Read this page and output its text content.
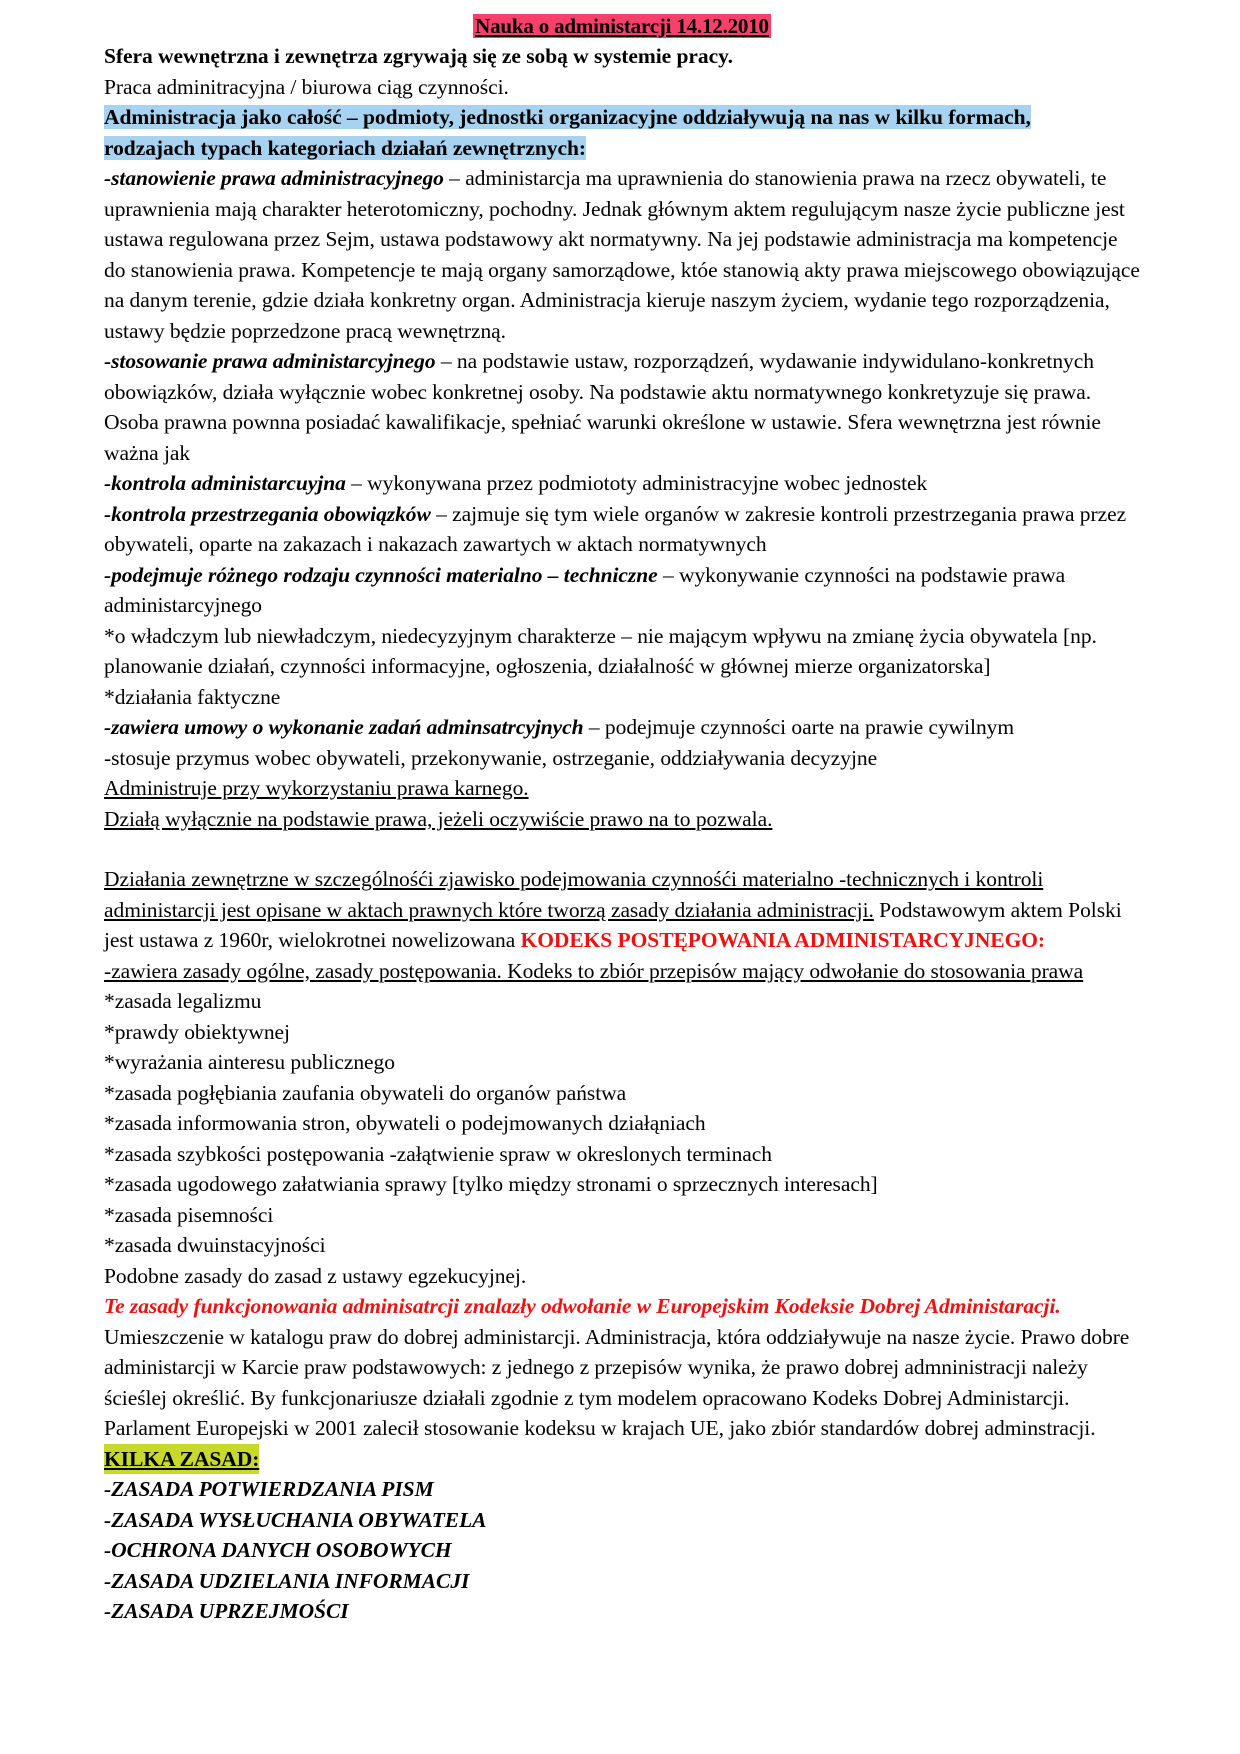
Nauka o administarcji 14.12.2010

Sfera wewnętrzna i zewnętrza zgrywają się ze sobą w systemie pracy.

Praca adminitracyjna / biurowa ciąg czynności.

Administracja jako całość – podmioty, jednostki organizacyjne oddziaływują na nas w kilku formach,

rodzajach typach kategoriach działań zewnętrznych:

-stanowienie prawa administracyjnego – administarcja ma uprawnienia do stanowienia prawa na rzecz obywateli, te uprawnienia mają charakter heterotomiczny, pochodny. Jednak głównym aktem regulującym nasze życie publiczne jest ustawa regulowana przez Sejm, ustawa podstawowy akt normatywny. Na jej podstawie administracja ma kompetencje do stanowienia prawa. Kompetencje te mają organy samorządowe, któe stanowią akty prawa miejscowego obowiązujące na danym terenie, gdzie działa konkretny organ. Administracja kieruje naszym życiem, wydanie tego rozporządzenia, ustawy będzie poprzedzone pracą wewnętrzną.

-stosowanie prawa administarcyjnego – na podstawie ustaw, rozporządzeń, wydawanie indywidulano-konkretnych obowiązków, działa wyłącznie wobec konkretnej osoby. Na podstawie aktu normatywnego konkretyzuje się prawa. Osoba prawna pownna posiadać kawalifikacje, spełniać warunki określone w ustawie. Sfera wewnętrzna jest równie ważna jak

-kontrola administarcuyjna – wykonywana przez podmiototy administracyjne wobec jednostek

-kontrola przestrzegania obowiązków – zajmuje się tym wiele organów w zakresie kontroli przestrzegania prawa przez obywateli, oparte na zakazach i nakazach zawartych w aktach normatywnych

-podejmuje różnego rodzaju czynności materialno – techniczne – wykonywanie czynności na podstawie prawa administarcyjnego

*o władczym lub niewładczym, niedecyzyjnym charakterze – nie mającym wpływu na zmianę życia obywatela [np. planowanie działań, czynności informacyjne, ogłoszenia, działalność w głównej mierze organizatorska]

*działania faktyczne

-zawiera umowy o wykonanie zadań adminsatrcyjnych – podejmuje czynności oarte na prawie cywilnym

-stosuje przymus wobec obywateli, przekonywanie, ostrzeganie, oddziaływania decyzyjne

Administruje przy wykorzystaniu prawa karnego.

Działą wyłącznie na podstawie prawa, jeżeli oczywiście prawo na to pozwala.

Działania zewnętrzne w szczególnośći zjawisko podejmowania czynnośći materialno -technicznych i kontroli administarcji jest opisane w aktach prawnych które tworzą zasady działania administracji. Podstawowym aktem Polski jest ustawa z 1960r, wielokrotnei nowelizowana KODEKS POSTĘPOWANIA ADMINISTARCYJNEGO:

-zawiera zasady ogólne, zasady postępowania. Kodeks to zbiór przepisów mający odwołanie do stosowania prawa

*zasada legalizmu

*prawdy obiektywnej

*wyrażania ainteresu publicznego

*zasada pogłębiania zaufania obywateli do organów państwa

*zasada informowania stron, obywateli o podejmowanych działąniach

*zasada szybkości postępowania -załątwienie spraw w okreslonych terminach

*zasada ugodowego załatwiania sprawy [tylko między stronami o sprzecznych interesach]

*zasada pisemności

*zasada dwuinstacyjności

Podobne zasady do zasad z ustawy egzekucyjnej.

Te zasady funkcjonowania adminisatrcji znalazły odwołanie w Europejskim Kodeksie Dobrej Administaracji.

Umieszczenie w katalogu praw do dobrej administarcji. Administracja, która oddziaływuje na nasze życie. Prawo dobre administarcji w Karcie praw podstawowych: z jednego z przepisów wynika, że prawo dobrej admninistracji należy ścieślej określić. By funkcjonariusze działali zgodnie z tym modelem opracowano Kodeks Dobrej Administarcji. Parlament Europejski w 2001 zalecił stosowanie kodeksu w krajach UE, jako zbiór standardów dobrej adminstracji.

KILKA ZASAD:

-ZASADA POTWIERDZANIA PISM

-ZASADA WYSŁUCHANIA OBYWATELA

-OCHRONA DANYCH OSOBOWYCH

-ZASADA UDZIELANIA INFORMACJI

-ZASADA UPRZEJMOŚCI
